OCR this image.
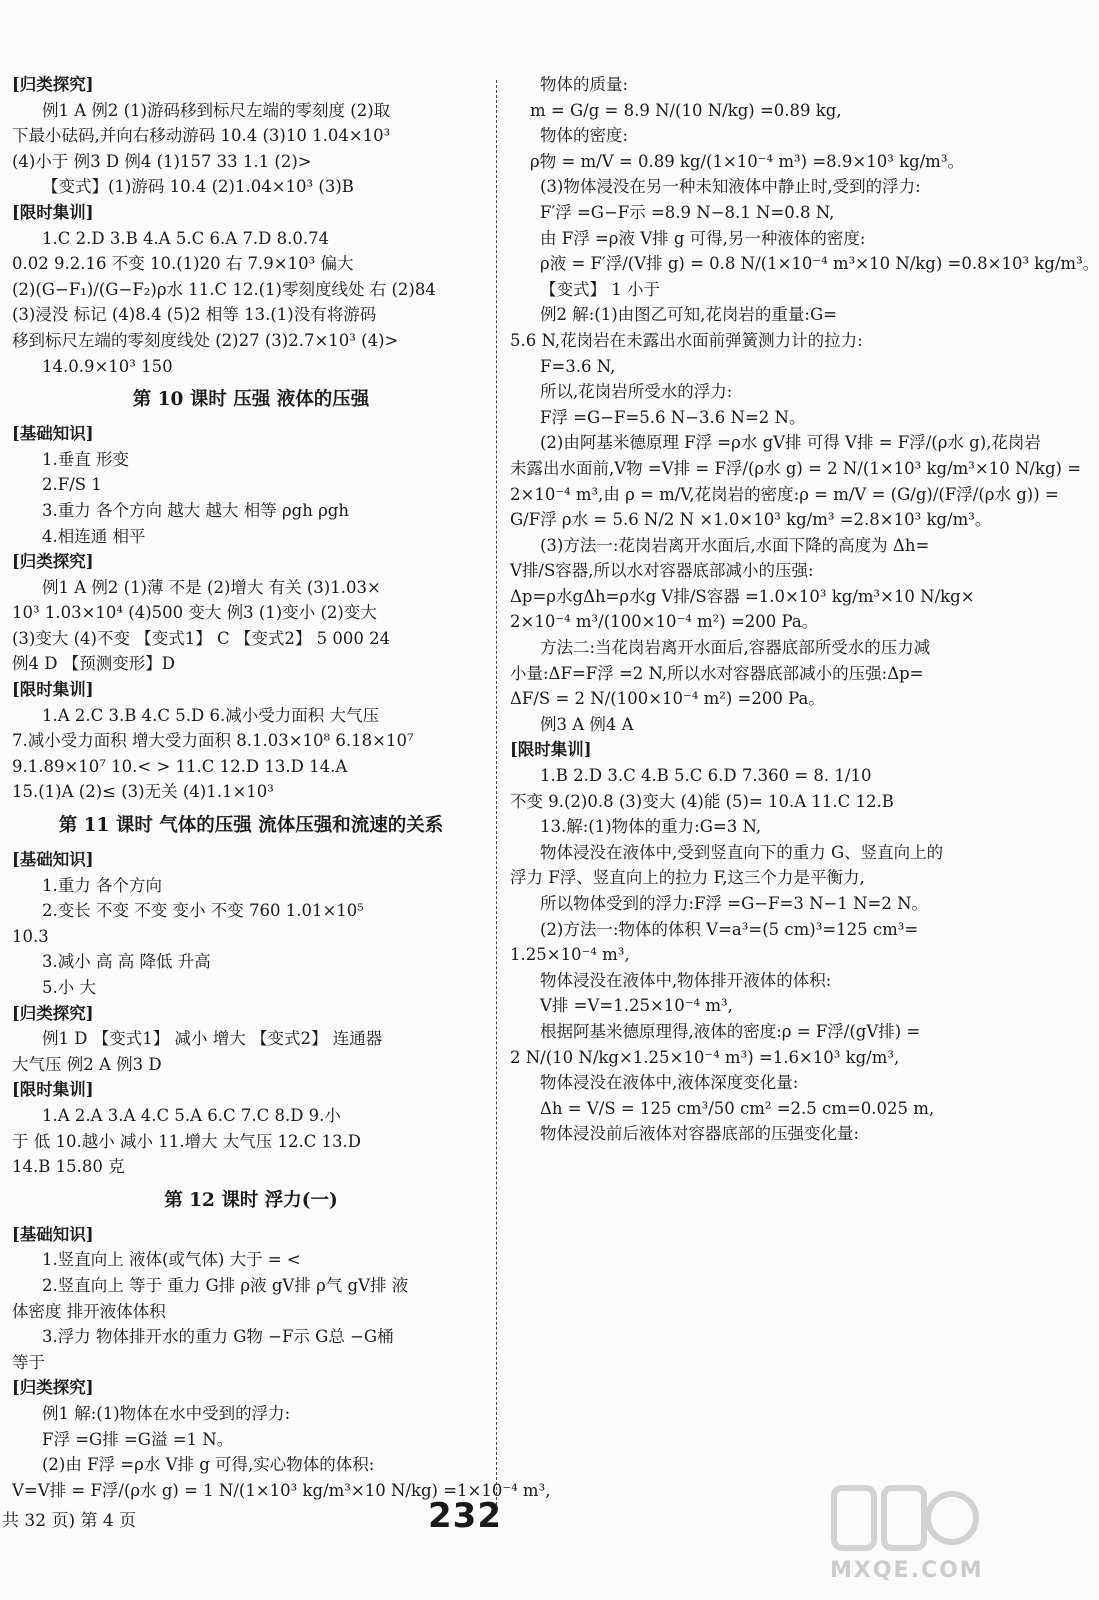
[归类探究]
例1 A 例2 (1)游码移到标尺左端的零刻度 (2)取
下最小砝码,并向右移动游码 10.4 (3)10 1.04×10³
(4)小于 例3 D 例4 (1)157 33 1.1 (2)>
【变式】(1)游码 10.4 (2)1.04×10³ (3)B
[限时集训]
1.C 2.D 3.B 4.A 5.C 6.A 7.D 8.0.74
0.02 9.2.16 不变 10.(1)20 右 7.9×10³ 偏大
(2)(G−F₁)/(G−F₂)ρ水 11.C 12.(1)零刻度线处 右 (2)84
(3)浸没 标记 (4)8.4 (5)2 相等 13.(1)没有将游码
移到标尺左端的零刻度线处 (2)27 (3)2.7×10³ (4)>
14.0.9×10³ 150
第 10 课时 压强 液体的压强
[基础知识]
1.垂直 形变
2.F/S 1
3.重力 各个方向 越大 越大 相等 ρgh ρgh
4.相连通 相平
[归类探究]
例1 A 例2 (1)薄 不是 (2)增大 有关 (3)1.03×
10³ 1.03×10⁴ (4)500 变大 例3 (1)变小 (2)变大
(3)变大 (4)不变 【变式1】 C 【变式2】 5 000 24
例4 D 【预测变形】D
[限时集训]
1.A 2.C 3.B 4.C 5.D 6.减小受力面积 大气压
7.减小受力面积 增大受力面积 8.1.03×10⁸ 6.18×10⁷
9.1.89×10⁷ 10.< > 11.C 12.D 13.D 14.A
15.(1)A (2)≤ (3)无关 (4)1.1×10³
第 11 课时 气体的压强 流体压强和流速的关系
[基础知识]
1.重力 各个方向
2.变长 不变 不变 变小 不变 760 1.01×10⁵
10.3
3.减小 高 高 降低 升高
5.小 大
[归类探究]
例1 D 【变式1】 减小 增大 【变式2】 连通器
大气压 例2 A 例3 D
[限时集训]
1.A 2.A 3.A 4.C 5.A 6.C 7.C 8.D 9.小
于 低 10.越小 减小 11.增大 大气压 12.C 13.D
14.B 15.80 克
第 12 课时 浮力(一)
[基础知识]
1.竖直向上 液体(或气体) 大于 = <
2.竖直向上 等于 重力 G排 ρ液 gV排 ρ气 gV排 液
体密度 排开液体体积
3.浮力 物体排开水的重力 G物 −F示 G总 −G桶
等于
[归类探究]
例1 解:(1)物体在水中受到的浮力:
F浮 =G排 =G溢 =1 N。
(2)由 F浮 =ρ水 V排 g 可得,实心物体的体积:
V=V排 = F浮/(ρ水 g) = 1 N/(1×10³ kg/m³×10 N/kg) =1×10⁻⁴ m³,
物体的质量:
m = G/g = 8.9 N/(10 N/kg) =0.89 kg,
物体的密度:
ρ物 = m/V = 0.89 kg/(1×10⁻⁴ m³) =8.9×10³ kg/m³。
(3)物体浸没在另一种未知液体中静止时,受到的浮力:
F′浮 =G−F示 =8.9 N−8.1 N=0.8 N,
由 F浮 =ρ液 V排 g 可得,另一种液体的密度:
ρ液 = F′浮/(V排 g) = 0.8 N/(1×10⁻⁴ m³×10 N/kg) =0.8×10³ kg/m³。
【变式】 1 小于
例2 解:(1)由图乙可知,花岗岩的重量:G=
5.6 N,花岗岩在未露出水面前弹簧测力计的拉力:
F=3.6 N,
所以,花岗岩所受水的浮力:
F浮 =G−F=5.6 N−3.6 N=2 N。
(2)由阿基米德原理 F浮 =ρ水 gV排 可得 V排 = F浮/(ρ水 g),花岗岩
未露出水面前,V物 =V排 = F浮/(ρ水 g) = 2 N/(1×10³ kg/m³×10 N/kg) =
2×10⁻⁴ m³,由 ρ = m/V,花岗岩的密度:ρ = m/V = (G/g)/(F浮/(ρ水 g)) =
G/F浮 ρ水 = 5.6 N/2 N ×1.0×10³ kg/m³ =2.8×10³ kg/m³。
(3)方法一:花岗岩离开水面后,水面下降的高度为 Δh=
V排/S容器,所以水对容器底部减小的压强:
Δp=ρ水gΔh=ρ水g V排/S容器 =1.0×10³ kg/m³×10 N/kg×
2×10⁻⁴ m³/(100×10⁻⁴ m²) =200 Pa。
方法二:当花岗岩离开水面后,容器底部所受水的压力减
小量:ΔF=F浮 =2 N,所以水对容器底部减小的压强:Δp=
ΔF/S = 2 N/(100×10⁻⁴ m²) =200 Pa。
例3 A 例4 A
[限时集训]
1.B 2.D 3.C 4.B 5.C 6.D 7.360 = 8. 1/10
不变 9.(2)0.8 (3)变大 (4)能 (5)= 10.A 11.C 12.B
13.解:(1)物体的重力:G=3 N,
物体浸没在液体中,受到竖直向下的重力 G、竖直向上的
浮力 F浮、竖直向上的拉力 F,这三个力是平衡力,
所以物体受到的浮力:F浮 =G−F=3 N−1 N=2 N。
(2)方法一:物体的体积 V=a³=(5 cm)³=125 cm³=
1.25×10⁻⁴ m³,
物体浸没在液体中,物体排开液体的体积:
V排 =V=1.25×10⁻⁴ m³,
根据阿基米德原理得,液体的密度:ρ = F浮/(gV排) =
2 N/(10 N/kg×1.25×10⁻⁴ m³) =1.6×10³ kg/m³,
物体浸没在液体中,液体深度变化量:
Δh = V/S = 125 cm³/50 cm² =2.5 cm=0.025 m,
物体浸没前后液体对容器底部的压强变化量:
共 32 页) 第 4 页	232
MXQE.COM
